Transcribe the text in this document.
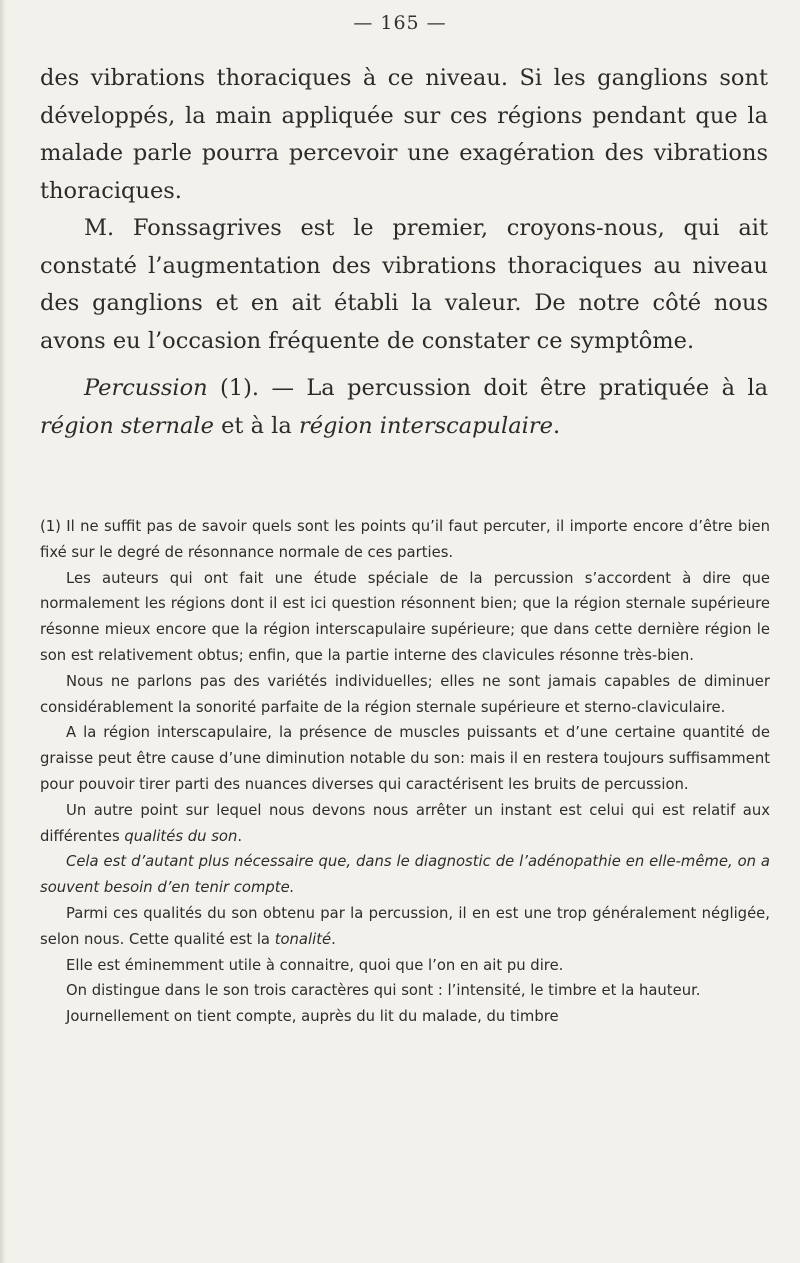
— 165 —

des vibrations thoraciques à ce niveau. Si les ganglions sont développés, la main appliquée sur ces régions pendant que la malade parle pourra percevoir une exagération des vibrations thoraciques.

M. Fonssagrives est le premier, croyons-nous, qui ait constaté l’augmentation des vibrations thoraciques au niveau des ganglions et en ait établi la valeur. De notre côté nous avons eu l’occasion fréquente de constater ce symptôme.

Percussion (1). — La percussion doit être pratiquée à la région sternale et à la région interscapulaire.

(1) Il ne suffit pas de savoir quels sont les points qu’il faut percuter, il importe encore d’être bien fixé sur le degré de résonnance normale de ces parties.

Les auteurs qui ont fait une étude spéciale de la percussion s’accordent à dire que normalement les régions dont il est ici question résonnent bien; que la région sternale supérieure résonne mieux encore que la région interscapulaire supérieure; que dans cette dernière région le son est relativement obtus; enfin, que la partie interne des clavicules résonne très-bien.

Nous ne parlons pas des variétés individuelles; elles ne sont jamais capables de diminuer considérablement la sonorité parfaite de la région sternale supérieure et sterno-claviculaire.

A la région interscapulaire, la présence de muscles puissants et d’une certaine quantité de graisse peut être cause d’une diminution notable du son: mais il en restera toujours suffisamment pour pouvoir tirer parti des nuances diverses qui caractérisent les bruits de percussion.

Un autre point sur lequel nous devons nous arrêter un instant est celui qui est relatif aux différentes qualités du son.

Cela est d’autant plus nécessaire que, dans le diagnostic de l’adénopathie en elle-même, on a souvent besoin d’en tenir compte.

Parmi ces qualités du son obtenu par la percussion, il en est une trop généralement négligée, selon nous. Cette qualité est la tonalité.

Elle est éminemment utile à connaitre, quoi que l’on en ait pu dire.

On distingue dans le son trois caractères qui sont : l’intensité, le timbre et la hauteur.

Journellement on tient compte, auprès du lit du malade, du timbre
